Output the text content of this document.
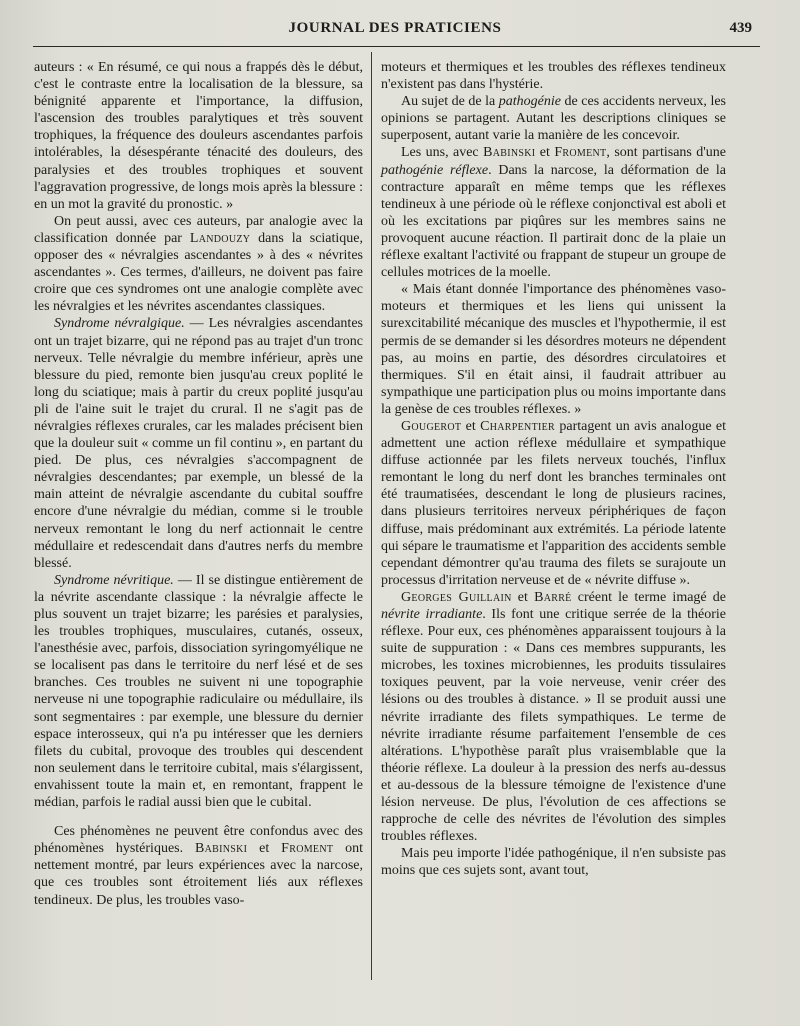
JOURNAL DES PRATICIENS	439

auteurs : « En résumé, ce qui nous a frappés dès le début, c'est le contraste entre la localisation de la blessure, sa bénignité apparente et l'importance, la diffusion, l'ascension des troubles paralytiques et très souvent trophiques, la fréquence des douleurs ascendantes parfois intolérables, la désespérante ténacité des douleurs, des paralysies et des troubles trophiques et souvent l'aggravation progressive, de longs mois après la blessure : en un mot la gravité du pronostic. »

On peut aussi, avec ces auteurs, par analogie avec la classification donnée par Landouzy dans la sciatique, opposer des « névralgies ascendantes » à des « névrites ascendantes ». Ces termes, d'ailleurs, ne doivent pas faire croire que ces syndromes ont une analogie complète avec les névralgies et les névrites ascendantes classiques.

Syndrome névralgique. — Les névralgies ascendantes ont un trajet bizarre, qui ne répond pas au trajet d'un tronc nerveux. Telle névralgie du membre inférieur, après une blessure du pied, remonte bien jusqu'au creux poplité le long du sciatique; mais à partir du creux poplité jusqu'au pli de l'aine suit le trajet du crural. Il ne s'agit pas de névralgies réflexes crurales, car les malades précisent bien que la douleur suit « comme un fil continu », en partant du pied. De plus, ces névralgies s'accompagnent de névralgies descendantes; par exemple, un blessé de la main atteint de névralgie ascendante du cubital souffre encore d'une névralgie du médian, comme si le trouble nerveux remontant le long du nerf actionnait le centre médullaire et redescendait dans d'autres nerfs du membre blessé.

Syndrome névritique. — Il se distingue entièrement de la névrite ascendante classique : la névralgie affecte le plus souvent un trajet bizarre; les parésies et paralysies, les troubles trophiques, musculaires, cutanés, osseux, l'anesthésie avec, parfois, dissociation syringomyélique ne se localisent pas dans le territoire du nerf lésé et de ses branches. Ces troubles ne suivent ni une topographie nerveuse ni une topographie radiculaire ou médullaire, ils sont segmentaires : par exemple, une blessure du dernier espace interosseux, qui n'a pu intéresser que les derniers filets du cubital, provoque des troubles qui descendent non seulement dans le territoire cubital, mais s'élargissent, envahissent toute la main et, en remontant, frappent le médian, parfois le radial aussi bien que le cubital.

Ces phénomènes ne peuvent être confondus avec des phénomènes hystériques. Babinski et Froment ont nettement montré, par leurs expériences avec la narcose, que ces troubles sont étroitement liés aux réflexes tendineux. De plus, les troubles vaso-

moteurs et thermiques et les troubles des réflexes tendineux n'existent pas dans l'hystérie.

Au sujet de de la pathogénie de ces accidents nerveux, les opinions se partagent. Autant les descriptions cliniques se superposent, autant varie la manière de les concevoir.

Les uns, avec Babinski et Froment, sont partisans d'une pathogénie réflexe. Dans la narcose, la déformation de la contracture apparaît en même temps que les réflexes tendineux à une période où le réflexe conjonctival est aboli et où les excitations par piqûres sur les membres sains ne provoquent aucune réaction. Il partirait donc de la plaie un réflexe exaltant l'activité ou frappant de stupeur un groupe de cellules motrices de la moelle.

« Mais étant donnée l'importance des phénomènes vaso-moteurs et thermiques et les liens qui unissent la surexcitabilité mécanique des muscles et l'hypothermie, il est permis de se demander si les désordres moteurs ne dépendent pas, au moins en partie, des désordres circulatoires et thermiques. S'il en était ainsi, il faudrait attribuer au sympathique une participation plus ou moins importante dans la genèse de ces troubles réflexes. »

Gougerot et Charpentier partagent un avis analogue et admettent une action réflexe médullaire et sympathique diffuse actionnée par les filets nerveux touchés, l'influx remontant le long du nerf dont les branches terminales ont été traumatisées, descendant le long de plusieurs racines, dans plusieurs territoires nerveux périphériques de façon diffuse, mais prédominant aux extrémités. La période latente qui sépare le traumatisme et l'apparition des accidents semble cependant démontrer qu'au trauma des filets se surajoute un processus d'irritation nerveuse et de « névrite diffuse ».

Georges Guillain et Barré créent le terme imagé de névrite irradiante. Ils font une critique serrée de la théorie réflexe. Pour eux, ces phénomènes apparaissent toujours à la suite de suppuration : « Dans ces membres suppurants, les microbes, les toxines microbiennes, les produits tissulaires toxiques peuvent, par la voie nerveuse, venir créer des lésions ou des troubles à distance. » Il se produit aussi une névrite irradiante des filets sympathiques. Le terme de névrite irradiante résume parfaitement l'ensemble de ces altérations. L'hypothèse paraît plus vraisemblable que la théorie réflexe. La douleur à la pression des nerfs au-dessus et au-dessous de la blessure témoigne de l'existence d'une lésion nerveuse. De plus, l'évolution de ces affections se rapproche de celle des névrites de l'évolution des simples troubles réflexes.

Mais peu importe l'idée pathogénique, il n'en subsiste pas moins que ces sujets sont, avant tout,
